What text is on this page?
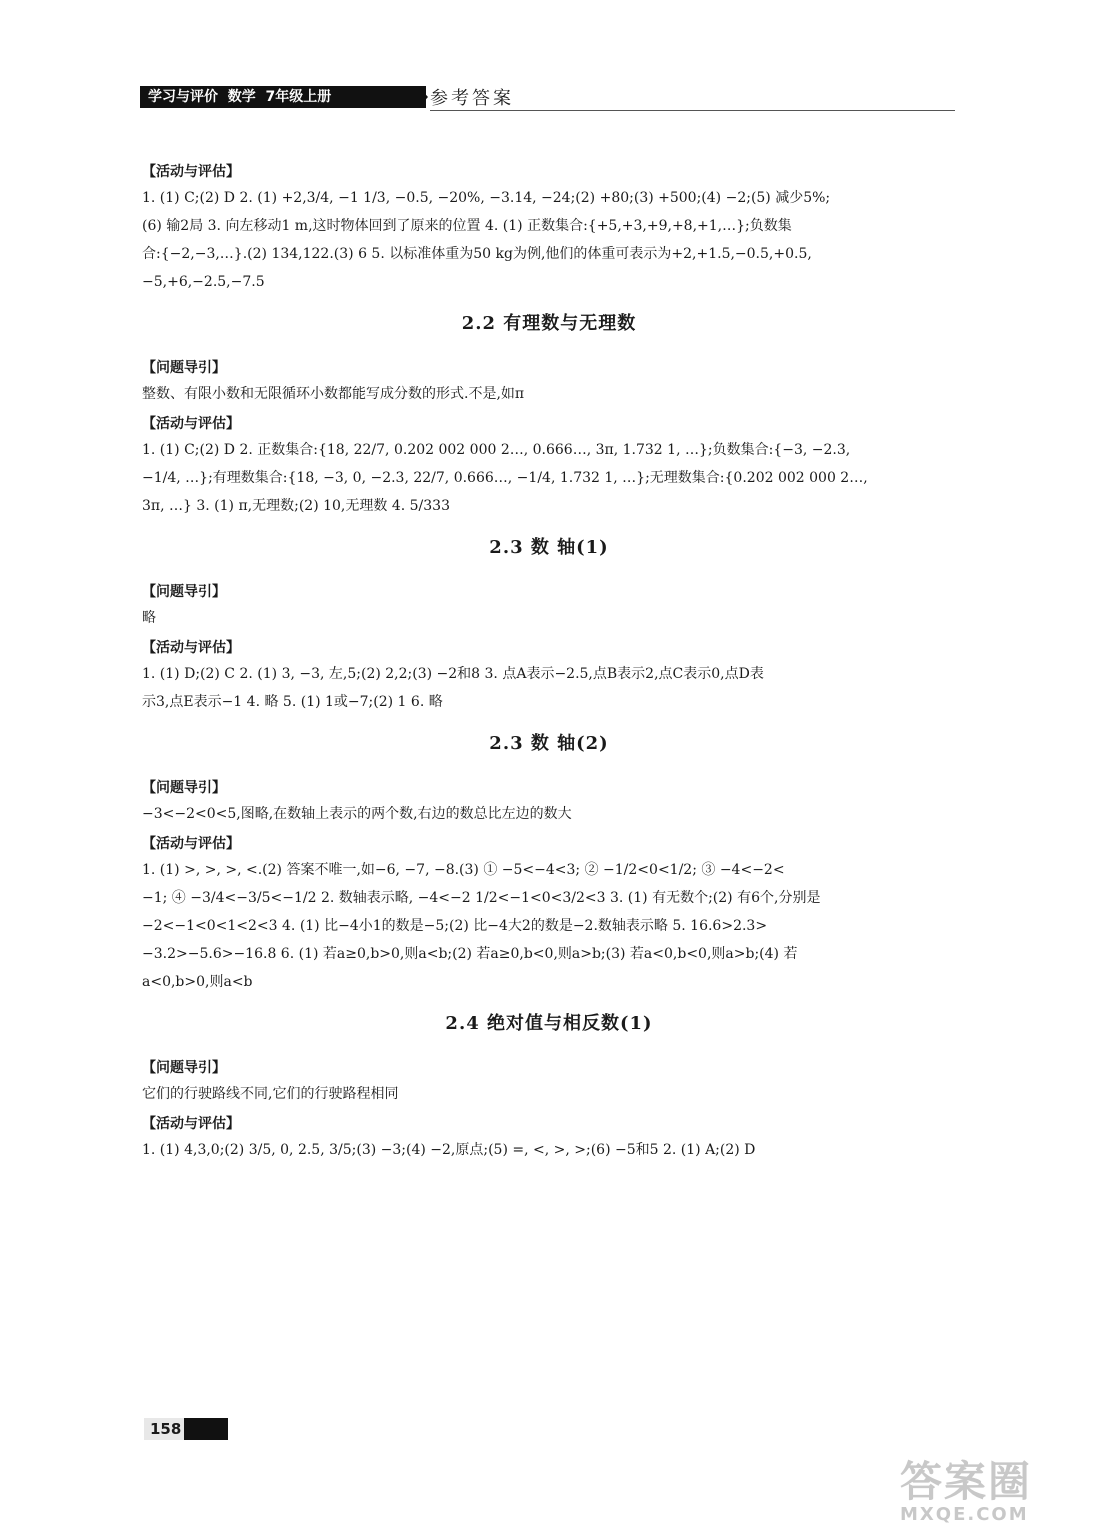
学习与评价  数学  7年级上册	参考答案
【活动与评估】

1. (1) C;(2) D 2. (1) +2,3/4, −1 1/3, −0.5, −20%, −3.14, −24;(2) +80;(3) +500;(4) −2;(5) 减少5%;

(6) 输2局 3. 向左移动1 m,这时物体回到了原来的位置 4. (1) 正数集合:{+5,+3,+9,+8,+1,…};负数集

合:{−2,−3,…}.(2) 134,122.(3) 6 5. 以标准体重为50 kg为例,他们的体重可表示为+2,+1.5,−0.5,+0.5,

−5,+6,−2.5,−7.5

2.2 有理数与无理数
【问题导引】

整数、有限小数和无限循环小数都能写成分数的形式.不是,如π

【活动与评估】

1. (1) C;(2) D 2. 正数集合:{18, 22/7, 0.202 002 000 2…, 0.666…, 3π, 1.732 1, …};负数集合:{−3, −2.3,

−1/4, …};有理数集合:{18, −3, 0, −2.3, 22/7, 0.666…, −1/4, 1.732 1, …};无理数集合:{0.202 002 000 2…,

3π, …} 3. (1) π,无理数;(2) 10,无理数 4. 5/333

2.3 数 轴(1)
【问题导引】

略

【活动与评估】

1. (1) D;(2) C 2. (1) 3, −3, 左,5;(2) 2,2;(3) −2和8 3. 点A表示−2.5,点B表示2,点C表示0,点D表

示3,点E表示−1 4. 略 5. (1) 1或−7;(2) 1 6. 略

2.3 数 轴(2)
【问题导引】

−3<−2<0<5,图略,在数轴上表示的两个数,右边的数总比左边的数大

【活动与评估】

1. (1) >, >, >, <.(2) 答案不唯一,如−6, −7, −8.(3) ① −5<−4<3; ② −1/2<0<1/2; ③ −4<−2<

−1; ④ −3/4<−3/5<−1/2 2. 数轴表示略, −4<−2 1/2<−1<0<3/2<3 3. (1) 有无数个;(2) 有6个,分别是

−2<−1<0<1<2<3 4. (1) 比−4小1的数是−5;(2) 比−4大2的数是−2.数轴表示略 5. 16.6>2.3>

−3.2>−5.6>−16.8 6. (1) 若a≥0,b>0,则a<b;(2) 若a≥0,b<0,则a>b;(3) 若a<0,b<0,则a>b;(4) 若

a<0,b>0,则a<b

2.4 绝对值与相反数(1)
【问题导引】

它们的行驶路线不同,它们的行驶路程相同

【活动与评估】

1. (1) 4,3,0;(2) 3/5, 0, 2.5, 3/5;(3) −3;(4) −2,原点;(5) =, <, >, >;(6) −5和5 2. (1) A;(2) D

158
答案圈
MXQE.COM
